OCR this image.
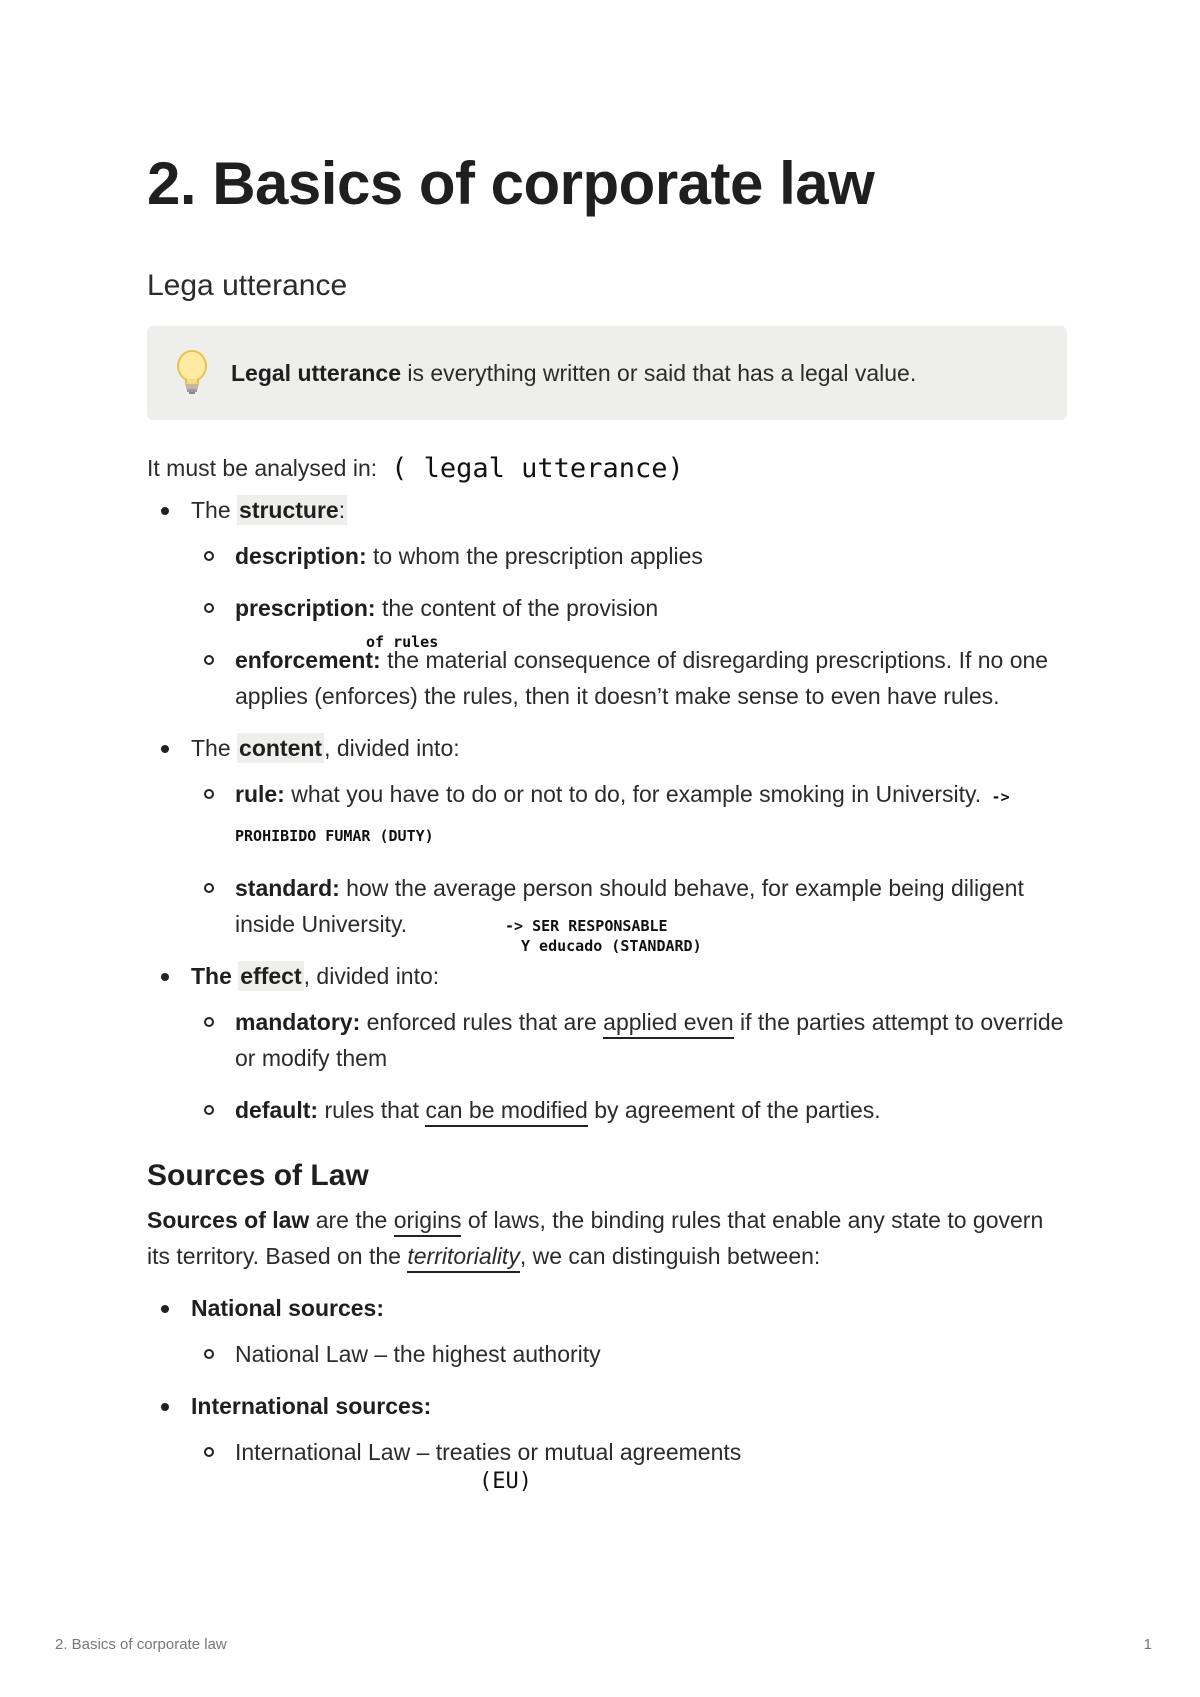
2. Basics of corporate law
Lega utterance

Legal utterance is everything written or said that has a legal value.

It must be analysed in: ( legal utterance)
The structure:
description: to whom the prescription applies
prescription: the content of the provision
of rules
enforcement: the material consequence of disregarding prescriptions. If no one applies (enforces) the rules, then it doesn’t make sense to even have rules.
The content, divided into:
rule: what you have to do or not to do, for example smoking in University. -> PROHIBIDO FUMAR (DUTY)
standard: how the average person should behave, for example being diligent inside University.	-> SER RESPONSABLE
Y educado (STANDARD)
The effect, divided into:
mandatory: enforced rules that are applied even if the parties attempt to override or modify them
default: rules that can be modified by agreement of the parties.
Sources of Law

Sources of law are the origins of laws, the binding rules that enable any state to govern its territory. Based on the territoriality, we can distinguish between:

National sources:
National Law – the highest authority
International sources:
International Law – treaties or mutual agreements
(EU)
2. Basics of corporate law	1
